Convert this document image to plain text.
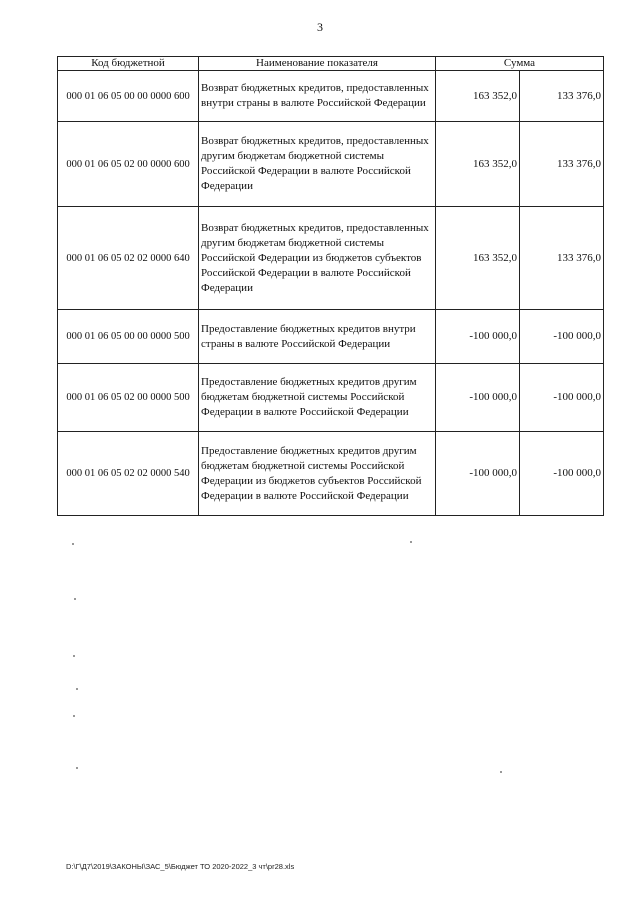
3
Код бюджетной	Наименование показателя	Сумма	
000 01 06 05 00 00 0000 600	Возврат бюджетных кредитов, предоставленных внутри страны в валюте Российской Федерации	163 352,0	133 376,0
000 01 06 05 02 00 0000 600	Возврат бюджетных кредитов, предоставленных другим бюджетам бюджетной системы Российской Федерации в валюте Российской Федерации	163 352,0	133 376,0
000 01 06 05 02 02 0000 640	Возврат бюджетных кредитов, предоставленных другим бюджетам бюджетной системы Российской Федерации из бюджетов субъектов Российской Федерации в валюте Российской Федерации	163 352,0	133 376,0
000 01 06 05 00 00 0000 500	Предоставление бюджетных кредитов внутри страны в валюте Российской Федерации	-100 000,0	-100 000,0
000 01 06 05 02 00 0000 500	Предоставление бюджетных кредитов другим бюджетам бюджетной системы Российской Федерации в валюте Российской Федерации	-100 000,0	-100 000,0
000 01 06 05 02 02 0000 540	Предоставление бюджетных кредитов другим бюджетам бюджетной системы Российской Федерации из бюджетов субъектов Российской Федерации в валюте Российской Федерации	-100 000,0	-100 000,0
D:\Г\Д7\2019\ЗАКОНЫ\ЗАС_5\Бюджет ТО 2020-2022_3 чт\pr28.xls
